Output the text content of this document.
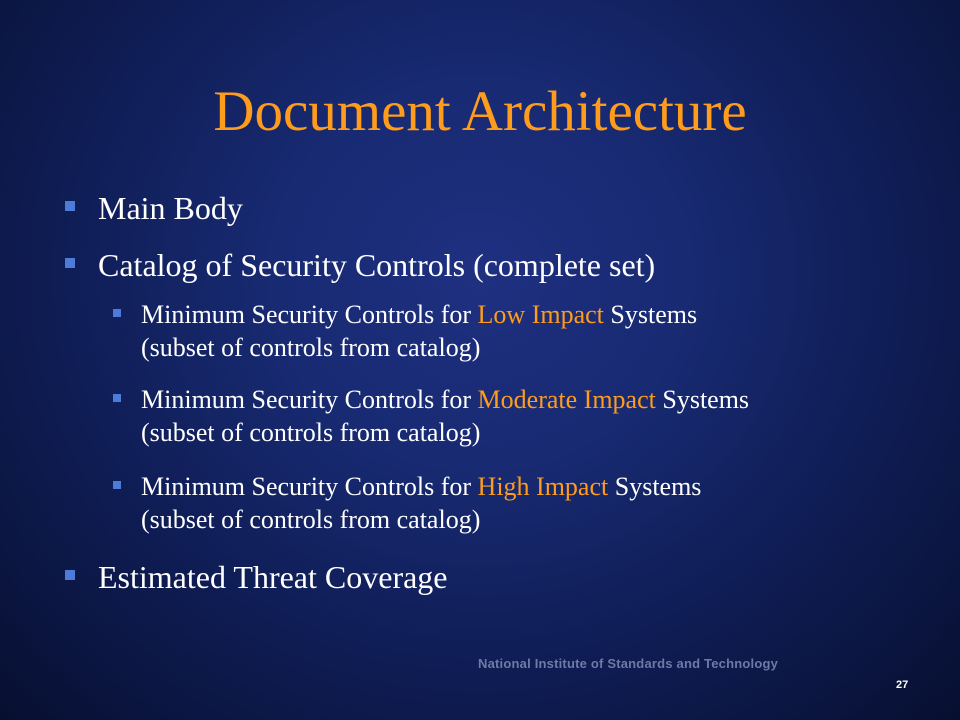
Document Architecture
Main Body
Catalog of Security Controls (complete set)
Minimum Security Controls for Low Impact Systems
(subset of controls from catalog)
Minimum Security Controls for Moderate Impact Systems
(subset of controls from catalog)
Minimum Security Controls for High Impact Systems
(subset of controls from catalog)
Estimated Threat Coverage
National Institute of Standards and Technology
27
